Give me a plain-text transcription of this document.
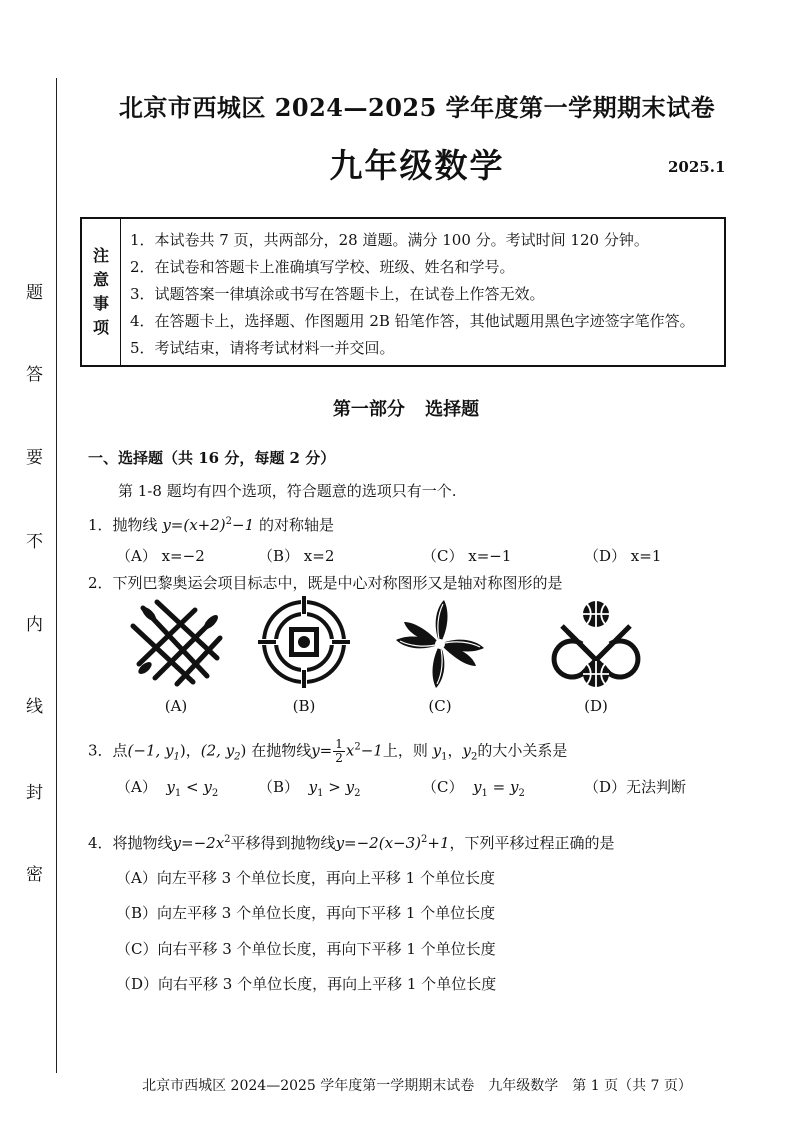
题
答
要
不
内
线
封
密
北京市西城区 2024—2025 学年度第一学期期末试卷
九年级数学	2025.1
注
意
事
项
1．本试卷共 7 页，共两部分，28 道题。满分 100 分。考试时间 120 分钟。
2．在试卷和答题卡上准确填写学校、班级、姓名和学号。
3．试题答案一律填涂或书写在答题卡上，在试卷上作答无效。
4．在答题卡上，选择题、作图题用 2B 铅笔作答，其他试题用黑色字迹签字笔作答。
5．考试结束，请将考试材料一并交回。
第一部分 选择题
一、选择题（共 16 分，每题 2 分）
第 1-8 题均有四个选项，符合题意的选项只有一个.
1．抛物线 $y=(x+2)^2-1$ 的对称轴是
（A） x=−2	（B） x=2	（C） x=−1	（D） x=1
2．下列巴黎奥运会项目标志中，既是中心对称图形又是轴对称图形的是
(A)	(B)	(C)	(D)
3．点(−1, $y_1$)，(2, $y_2$) 在抛物线$y= \frac{1}{2} x^2-1$上，则 $y_1$，$y_2$的大小关系是
（A） $y_1 < y_2$	（B） $y_1 > y_2$	（C） $y_1 = y_2$	（D）无法判断
4．将抛物线$y=-2x^2$平移得到抛物线$y=-2(x-3)^2+1$，下列平移过程正确的是
（A）向左平移 3 个单位长度，再向上平移 1 个单位长度
（B）向左平移 3 个单位长度，再向下平移 1 个单位长度
（C）向右平移 3 个单位长度，再向下平移 1 个单位长度
（D）向右平移 3 个单位长度，再向上平移 1 个单位长度
北京市西城区 2024—2025 学年度第一学期期末试卷　九年级数学　第 1 页（共 7 页）
